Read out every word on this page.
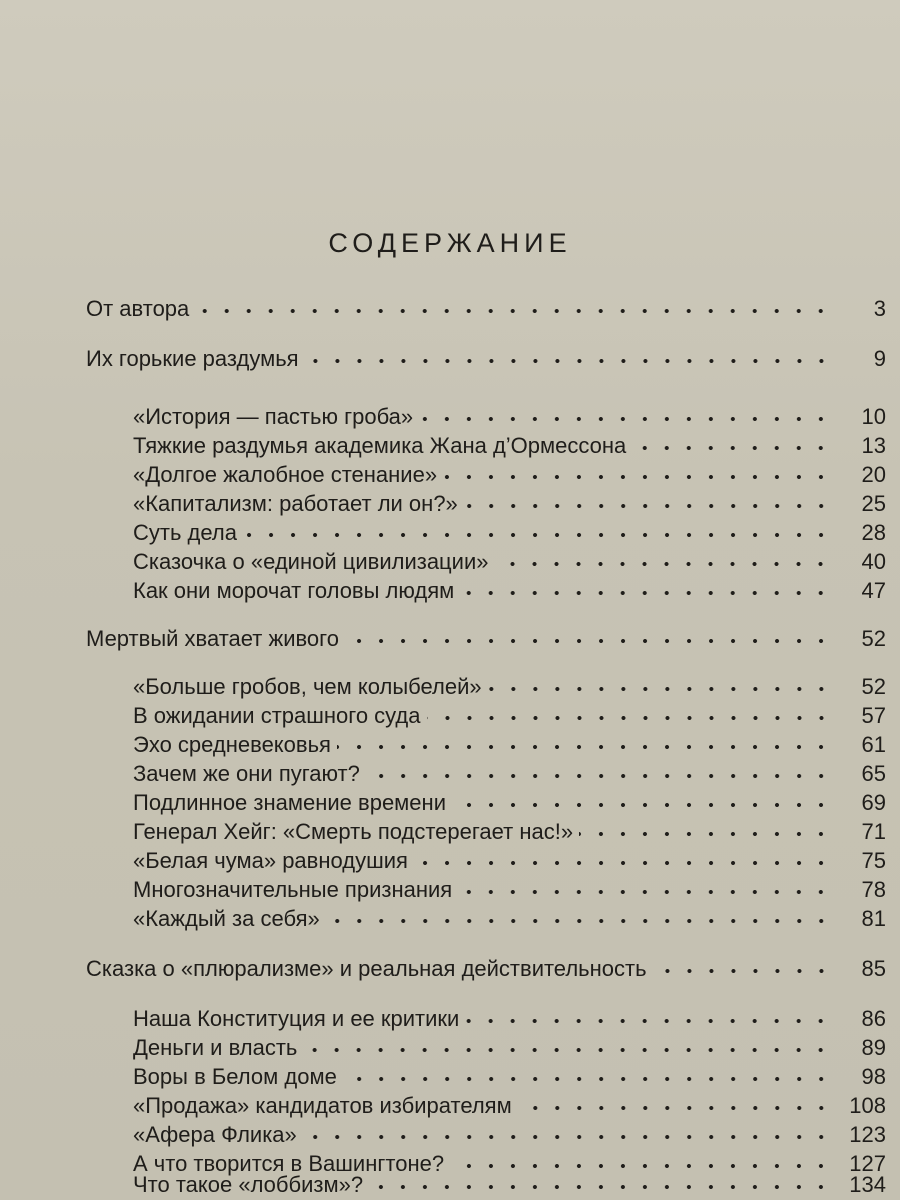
СОДЕРЖАНИЕ
От автора	3
Их горькие раздумья	9
«История — пастью гроба»	10
Тяжкие раздумья академика Жана д’Ормессона	13
«Долгое жалобное стенание»	20
«Капитализм: работает ли он?»	25
Суть дела	28
Сказочка о «единой цивилизации»	40
Как они морочат головы людям	47
Мертвый хватает живого	52
«Больше гробов, чем колыбелей»	52
В ожидании страшного суда	57
Эхо средневековья	61
Зачем же они пугают?	65
Подлинное знамение времени	69
Генерал Хейг: «Смерть подстерегает нас!»	71
«Белая чума» равнодушия	75
Многозначительные признания	78
«Каждый за себя»	81
Сказка о «плюрализме» и реальная действительность	85
Наша Конституция и ее критики	86
Деньги и власть	89
Воры в Белом доме	98
«Продажа» кандидатов избирателям	108
«Афера Флика»	123
А что творится в Вашингтоне?	127
Что такое «лоббизм»?	134
